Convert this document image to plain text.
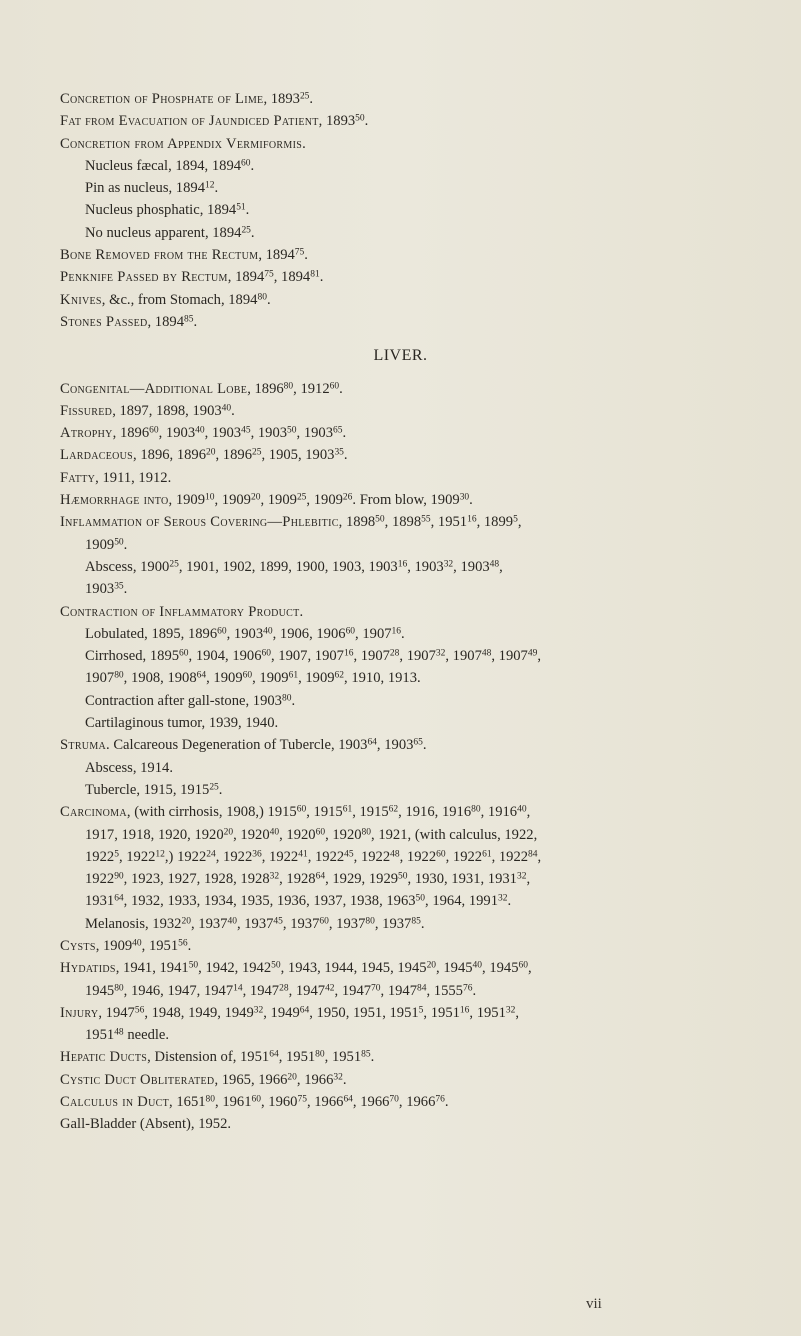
Concretion of Phosphate of Lime, 1893$^{25}$.
Fat from Evacuation of Jaundiced Patient, 1893$^{50}$.
Concretion from Appendix Vermiformis.
Nucleus fæcal, 1894, 1894$^{60}$.
Pin as nucleus, 1894$^{12}$.
Nucleus phosphatic, 1894$^{51}$.
No nucleus apparent, 1894$^{25}$.
Bone Removed from the Rectum, 1894$^{75}$.
Penknife Passed by Rectum, 1894$^{75}$, 1894$^{81}$.
Knives, &c., from Stomach, 1894$^{80}$.
Stones Passed, 1894$^{85}$.
LIVER.
Congenital—Additional Lobe, 1896$^{80}$, 1912$^{60}$.
Fissured, 1897, 1898, 1903$^{40}$.
Atrophy, 1896$^{60}$, 1903$^{40}$, 1903$^{45}$, 1903$^{50}$, 1903$^{65}$.
Lardaceous, 1896, 1896$^{20}$, 1896$^{25}$, 1905, 1903$^{35}$.
Fatty, 1911, 1912.
Hæmorrhage into, 1909$^{10}$, 1909$^{20}$, 1909$^{25}$, 1909$^{26}$. From blow, 1909$^{30}$.
Inflammation of Serous Covering—Phlebitic, 1898$^{50}$, 1898$^{55}$, 1951$^{16}$, 1899$^5$,
1909$^{50}$.
Abscess, 1900$^{25}$, 1901, 1902, 1899, 1900, 1903, 1903$^{16}$, 1903$^{32}$, 1903$^{48}$,
1903$^{35}$.
Contraction of Inflammatory Product.
Lobulated, 1895, 1896$^{60}$, 1903$^{40}$, 1906, 1906$^{60}$, 1907$^{16}$.
Cirrhosed, 1895$^{60}$, 1904, 1906$^{60}$, 1907, 1907$^{16}$, 1907$^{28}$, 1907$^{32}$, 1907$^{48}$, 1907$^{49}$,
1907$^{80}$, 1908, 1908$^{64}$, 1909$^{60}$, 1909$^{61}$, 1909$^{62}$, 1910, 1913.
Contraction after gall-stone, 1903$^{80}$.
Cartilaginous tumor, 1939, 1940.
Struma. Calcareous Degeneration of Tubercle, 1903$^{64}$, 1903$^{65}$.
Abscess, 1914.
Tubercle, 1915, 1915$^{25}$.
Carcinoma, (with cirrhosis, 1908,) 1915$^{60}$, 1915$^{61}$, 1915$^{62}$, 1916, 1916$^{80}$, 1916$^{40}$,
1917, 1918, 1920, 1920$^{20}$, 1920$^{40}$, 1920$^{60}$, 1920$^{80}$, 1921, (with calculus, 1922,
1922$^5$, 1922$^{12}$,) 1922$^{24}$, 1922$^{36}$, 1922$^{41}$, 1922$^{45}$, 1922$^{48}$, 1922$^{60}$, 1922$^{61}$, 1922$^{84}$,
1922$^{90}$, 1923, 1927, 1928, 1928$^{32}$, 1928$^{64}$, 1929, 1929$^{50}$, 1930, 1931, 1931$^{32}$,
1931$^{64}$, 1932, 1933, 1934, 1935, 1936, 1937, 1938, 1963$^{50}$, 1964, 1991$^{32}$.
Melanosis, 1932$^{20}$, 1937$^{40}$, 1937$^{45}$, 1937$^{60}$, 1937$^{80}$, 1937$^{85}$.
Cysts, 1909$^{40}$, 1951$^{56}$.
Hydatids, 1941, 1941$^{50}$, 1942, 1942$^{50}$, 1943, 1944, 1945, 1945$^{20}$, 1945$^{40}$, 1945$^{60}$,
1945$^{80}$, 1946, 1947, 1947$^{14}$, 1947$^{28}$, 1947$^{42}$, 1947$^{70}$, 1947$^{84}$, 1555$^{76}$.
Injury, 1947$^{56}$, 1948, 1949, 1949$^{32}$, 1949$^{64}$, 1950, 1951, 1951$^5$, 1951$^{16}$, 1951$^{32}$,
1951$^{48}$ needle.
Hepatic Ducts, Distension of, 1951$^{64}$, 1951$^{80}$, 1951$^{85}$.
Cystic Duct Obliterated, 1965, 1966$^{20}$, 1966$^{32}$.
Calculus in Duct, 1651$^{80}$, 1961$^{60}$, 1960$^{75}$, 1966$^{64}$, 1966$^{70}$, 1966$^{76}$.
Gall-Bladder (Absent), 1952.
vii
